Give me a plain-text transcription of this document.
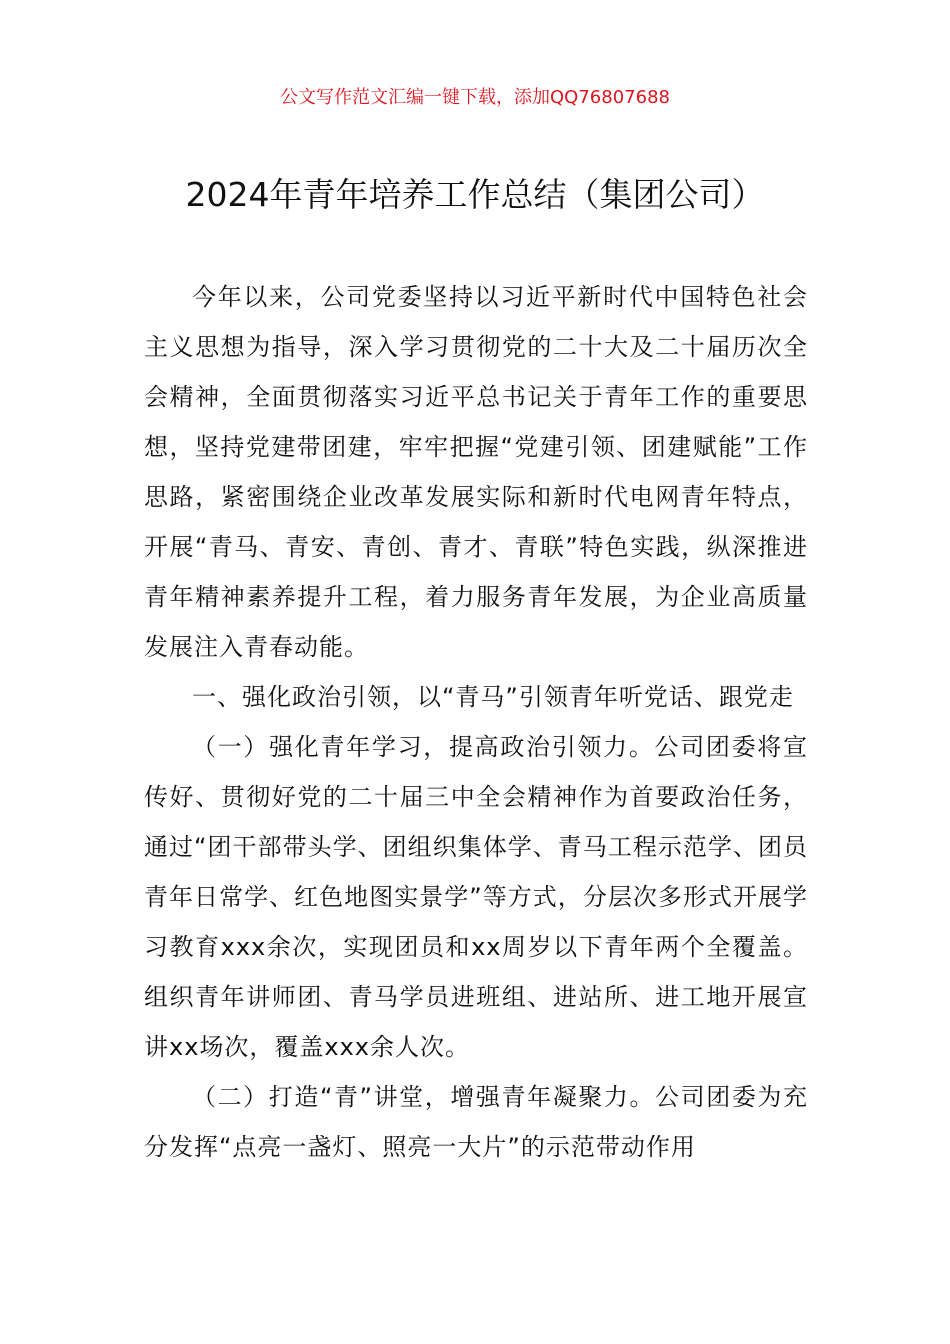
公文写作范文汇编一键下载，添加QQ76807688
2024年青年培养工作总结（集团公司）

今年以来，公司党委坚持以习近平新时代中国特色社会主义思想为指导，深入学习贯彻党的二十大及二十届历次全会精神，全面贯彻落实习近平总书记关于青年工作的重要思想，坚持党建带团建，牢牢把握“党建引领、团建赋能”工作思路，紧密围绕企业改革发展实际和新时代电网青年特点，开展“青马、青安、青创、青才、青联”特色实践，纵深推进青年精神素养提升工程，着力服务青年发展，为企业高质量发展注入青春动能。

一、强化政治引领，以“青马”引领青年听党话、跟党走

（一）强化青年学习，提高政治引领力。公司团委将宣传好、贯彻好党的二十届三中全会精神作为首要政治任务，通过“团干部带头学、团组织集体学、青马工程示范学、团员青年日常学、红色地图实景学”等方式，分层次多形式开展学习教育xxx余次，实现团员和xx周岁以下青年两个全覆盖。组织青年讲师团、青马学员进班组、进站所、进工地开展宣讲xx场次，覆盖xxx余人次。

（二）打造“青”讲堂，增强青年凝聚力。公司团委为充分发挥“点亮一盏灯、照亮一大片”的示范带动作用
